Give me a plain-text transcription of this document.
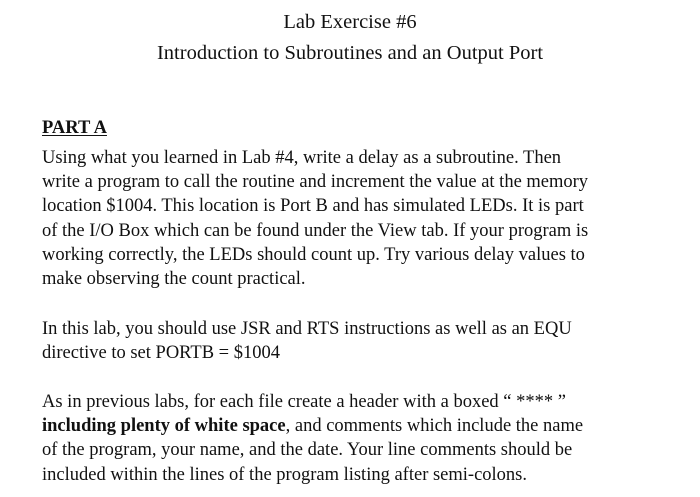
Lab Exercise #6
Introduction to Subroutines and an Output Port
PART A
Using what you learned in Lab #4, write a delay as a subroutine. Then
write a program to call the routine and increment the value at the memory
location $1004. This location is Port B and has simulated LEDs. It is part
of the I/O Box which can be found under the View tab. If your program is
working correctly, the LEDs should count up. Try various delay values to
make observing the count practical.
In this lab, you should use JSR and RTS instructions as well as an EQU
directive to set PORTB = $1004
As in previous labs, for each file create a header with a boxed “ **** ”
including plenty of white space, and comments which include the name
of the program, your name, and the date. Your line comments should be
included within the lines of the program listing after semi-colons.
